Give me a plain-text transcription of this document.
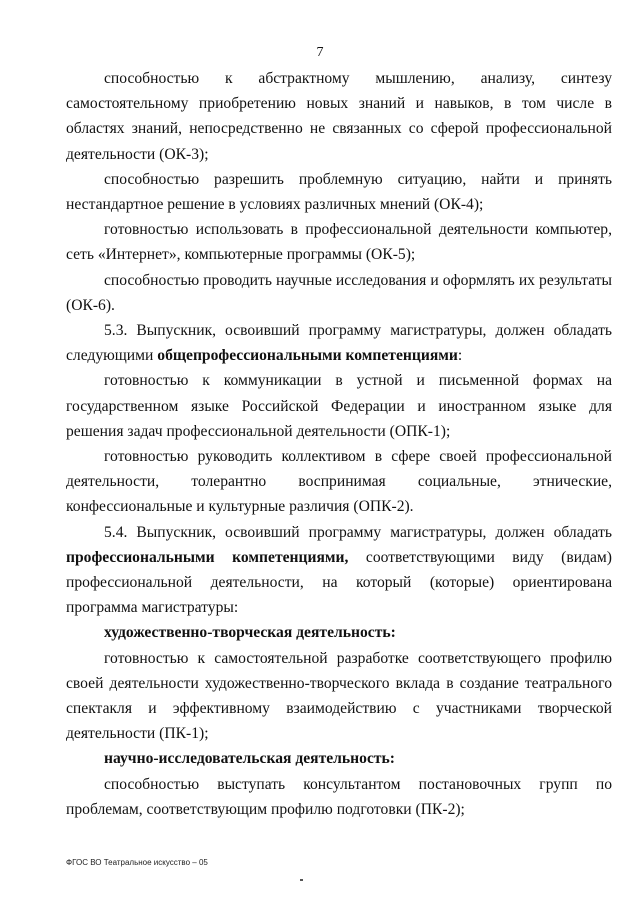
7

способностью к абстрактному мышлению, анализу, синтезу самостоятельному приобретению новых знаний и навыков, в том числе в областях знаний, непосредственно не связанных со сферой профессиональной деятельности (ОК-3);

способностью разрешить проблемную ситуацию, найти и принять нестандартное решение в условиях различных мнений (ОК-4);

готовностью использовать в профессиональной деятельности компьютер, сеть «Интернет», компьютерные программы (ОК-5);

способностью проводить научные исследования и оформлять их результаты (ОК-6).

5.3. Выпускник, освоивший программу магистратуры, должен обладать следующими общепрофессиональными компетенциями:

готовностью к коммуникации в устной и письменной формах на государственном языке Российской Федерации и иностранном языке для решения задач профессиональной деятельности (ОПК-1);

готовностью руководить коллективом в сфере своей профессиональной деятельности, толерантно воспринимая социальные, этнические, конфессиональные и культурные различия (ОПК-2).

5.4. Выпускник, освоивший программу магистратуры, должен обладать профессиональными компетенциями, соответствующими виду (видам) профессиональной деятельности, на который (которые) ориентирована программа магистратуры:

художественно-творческая деятельность:

готовностью к самостоятельной разработке соответствующего профилю своей деятельности художественно-творческого вклада в создание театрального спектакля и эффективному взаимодействию с участниками творческой деятельности (ПК-1);

научно-исследовательская деятельность:

способностью выступать консультантом постановочных групп по проблемам, соответствующим профилю подготовки (ПК-2);

ФГОС ВО Театральное искусство – 05
